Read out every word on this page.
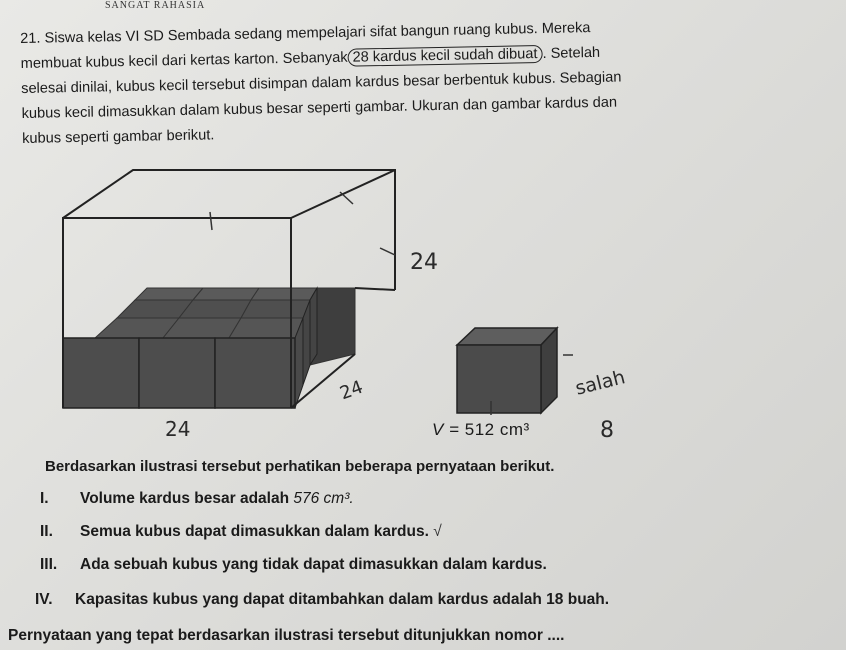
SANGAT RAHASIA

21. Siswa kelas VI SD Sembada sedang mempelajari sifat bangun ruang kubus. Mereka

membuat kubus kecil dari kertas karton. Sebanyak 28 kardus kecil sudah dibuat . Setelah

selesai dinilai, kubus kecil tersebut disimpan dalam kardus besar berbentuk kubus. Sebagian

kubus kecil dimasukkan dalam kubus besar seperti gambar. Ukuran dan gambar kardus dan

kubus seperti gambar berikut.

24
24
24
salah
V = 512 cm³	8
Berdasarkan ilustrasi tersebut perhatikan beberapa pernyataan berikut.
I. Volume kardus besar adalah 576 cm³.
II. Semua kubus dapat dimasukkan dalam kardus. √
III. Ada sebuah kubus yang tidak dapat dimasukkan dalam kardus.
IV. Kapasitas kubus yang dapat ditambahkan dalam kardus adalah 18 buah.
Pernyataan yang tepat berdasarkan ilustrasi tersebut ditunjukkan nomor ....
